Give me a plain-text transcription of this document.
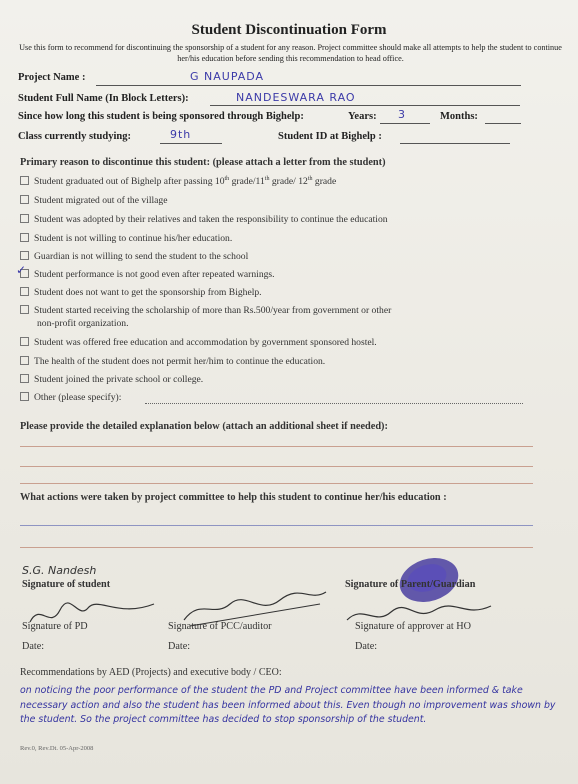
Student Discontinuation Form
Use this form to recommend for discontinuing the sponsorship of a student for any reason. Project committee should make all attempts to help the student to continue her/his education before sending this recommendation to head office.
Project Name :	G NAUPADA
Student Full Name (In Block Letters):	NANDESWARA RAO
Since how long this student is being sponsored through Bighelp:	Years: 3	Months:
Class currently studying:	9th	Student ID at Bighelp :
Primary reason to discontinue this student: (please attach a letter from the student)
Student graduated out of Bighelp after passing 10th grade/11th grade/ 12th grade
Student migrated out of the village
Student was adopted by their relatives and taken the responsibility to continue the education
Student is not willing to continue his/her education.
Guardian is not willing to send the student to the school
Student performance is not good even after repeated warnings.
✓
Student does not want to get the sponsorship from Bighelp.
Student started receiving the scholarship of more than Rs.500/year from government or other
non-profit organization.
Student was offered free education and accommodation by government sponsored hostel.
The health of the student does not permit her/him to continue the education.
Student joined the private school or college.
Other (please specify):
Please provide the detailed explanation below (attach an additional sheet if needed):
What actions were taken by project committee to help this student to continue her/his education :
S.G. Nandesh
Signature of student	Signature of Parent/Guardian
Signature of PD	Signature of PCC/auditor	Signature of approver at HO
Date:	Date:	Date:
Recommendations by AED (Projects) and executive body / CEO:
on noticing the poor performance of the student the PD and Project committee have been informed & take necessary action and also the student has been informed about this. Even though no improvement was shown by the student. So the project committee has decided to stop sponsorship of the student.
Rev.0, Rev.Dt. 05-Apr-2008
